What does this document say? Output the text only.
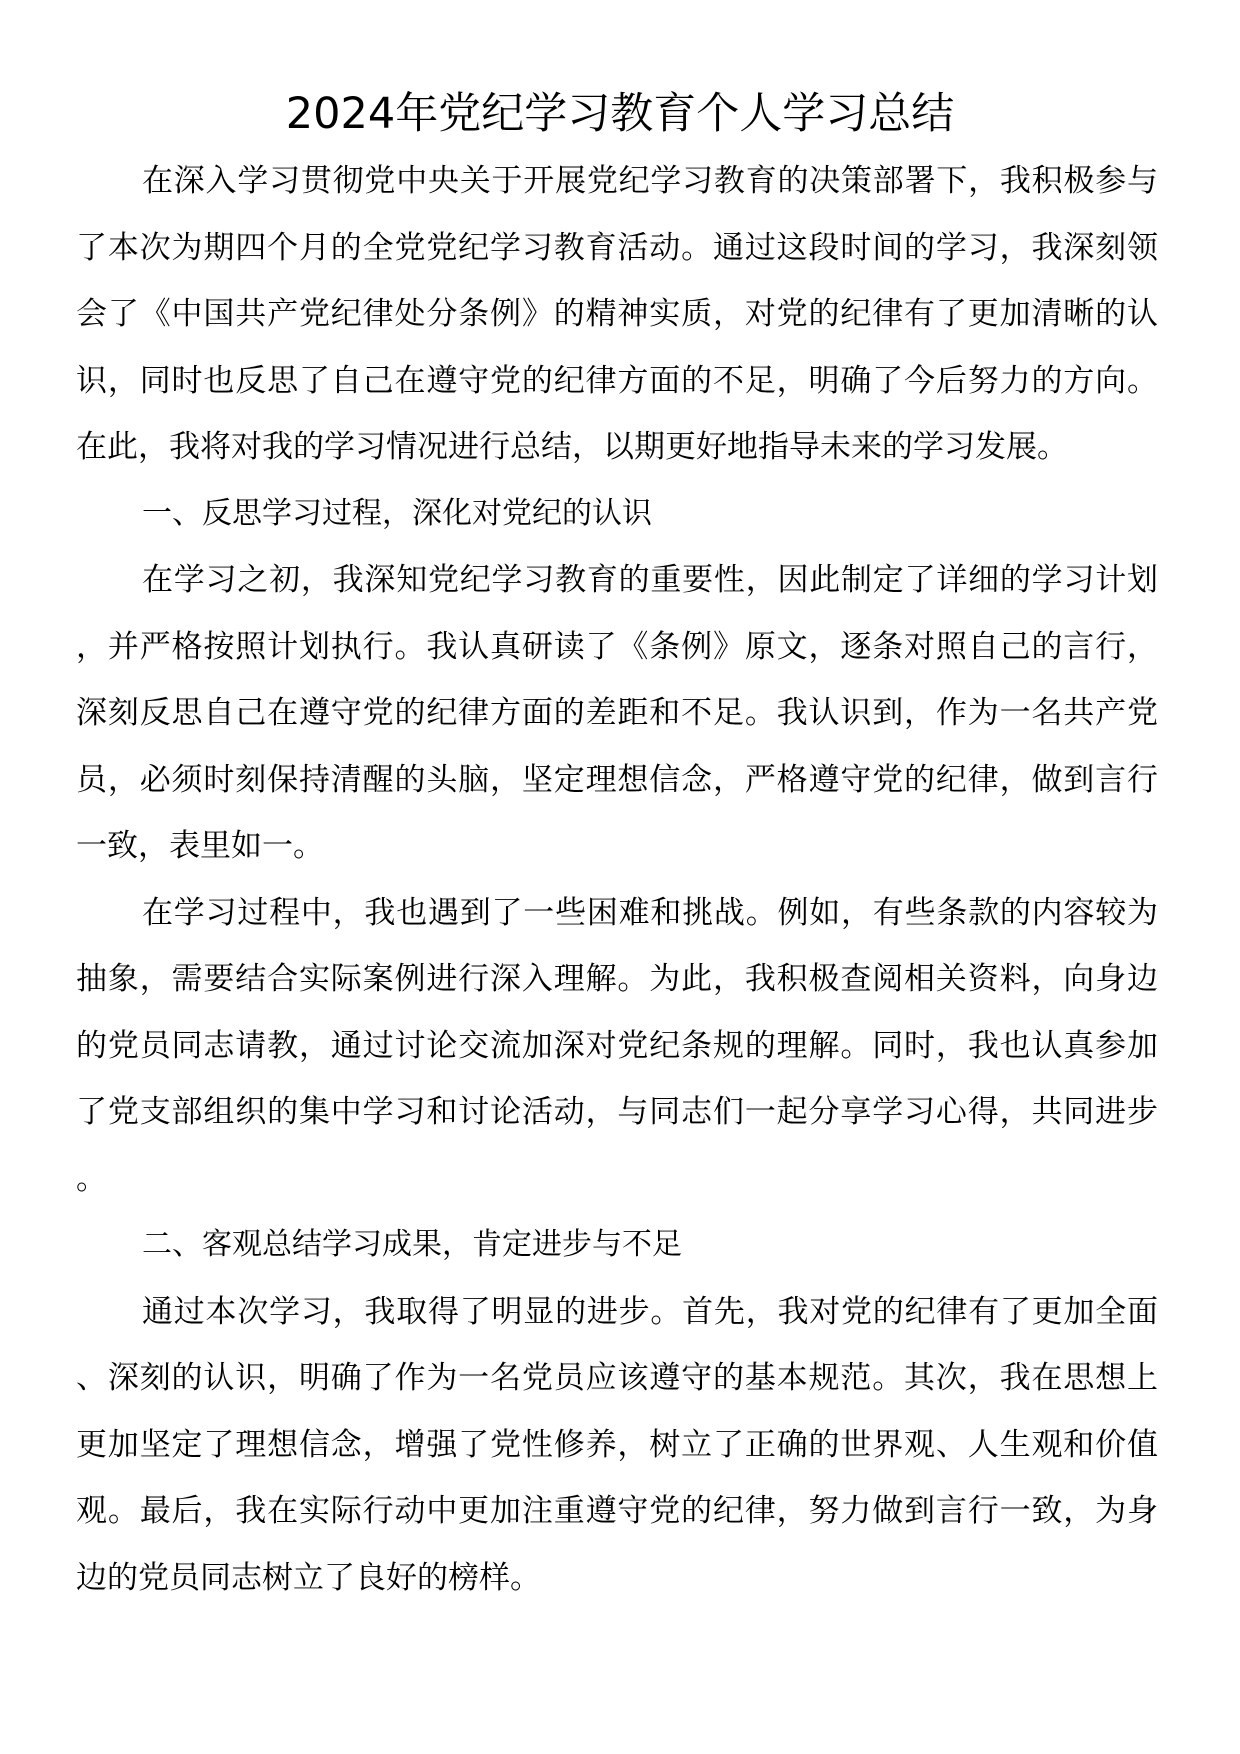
2024年党纪学习教育个人学习总结

在深入学习贯彻党中央关于开展党纪学习教育的决策部署下，我积极参与了本次为期四个月的全党党纪学习教育活动。通过这段时间的学习，我深刻领会了《中国共产党纪律处分条例》的精神实质，对党的纪律有了更加清晰的认识，同时也反思了自己在遵守党的纪律方面的不足，明确了今后努力的方向。在此，我将对我的学习情况进行总结，以期更好地指导未来的学习发展。

一、反思学习过程，深化对党纪的认识

在学习之初，我深知党纪学习教育的重要性，因此制定了详细的学习计划，并严格按照计划执行。我认真研读了《条例》原文，逐条对照自己的言行，深刻反思自己在遵守党的纪律方面的差距和不足。我认识到，作为一名共产党员，必须时刻保持清醒的头脑，坚定理想信念，严格遵守党的纪律，做到言行一致，表里如一。

在学习过程中，我也遇到了一些困难和挑战。例如，有些条款的内容较为抽象，需要结合实际案例进行深入理解。为此，我积极查阅相关资料，向身边的党员同志请教，通过讨论交流加深对党纪条规的理解。同时，我也认真参加了党支部组织的集中学习和讨论活动，与同志们一起分享学习心得，共同进步。

二、客观总结学习成果，肯定进步与不足

通过本次学习，我取得了明显的进步。首先，我对党的纪律有了更加全面、深刻的认识，明确了作为一名党员应该遵守的基本规范。其次，我在思想上更加坚定了理想信念，增强了党性修养，树立了正确的世界观、人生观和价值观。最后，我在实际行动中更加注重遵守党的纪律，努力做到言行一致，为身边的党员同志树立了良好的榜样。
